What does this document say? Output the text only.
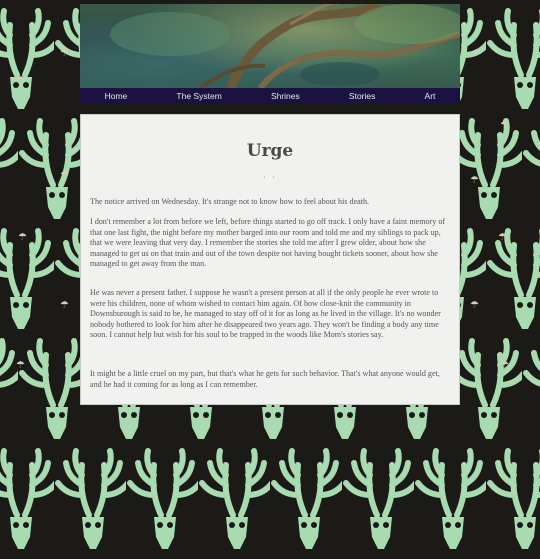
☂
☂
☂
☂
☂
☂
☂
☂
☂
☂
☂
☂
Home	The System	Shrines	Stories	Art
Urge
· ·

The notice arrived on Wednesday. It's strange not to know how to feel about his death.

I don't remember a lot from before we left, before things started to go off track. I only have a faint memory of that one last fight, the night before my mother barged into our room and told me and my siblings to pack up, that we were leaving that very day. I remember the stories she told me after I grew older, about how she managed to get us on that train and out of the town despite not having bought tickets sooner, about how she managed to get away from the man.

He was never a present father. I suppose he wasn't a present person at all if the only people he ever wrote to were his children, none of whom wished to contact him again. Of how close-knit the community in Downsburough is said to be, he managed to stay off of it for as long as he lived in the village. It's no wonder nobody bothered to look for him after he disappeared two years ago. They won't be finding a body any time soon. I cannot help but wish for his soul to be trapped in the woods like Mom's stories say.

It might be a little cruel on my part, but that's what he gets for such behavior. That's what anyone would get, and he had it coming for as long as I can remember.
